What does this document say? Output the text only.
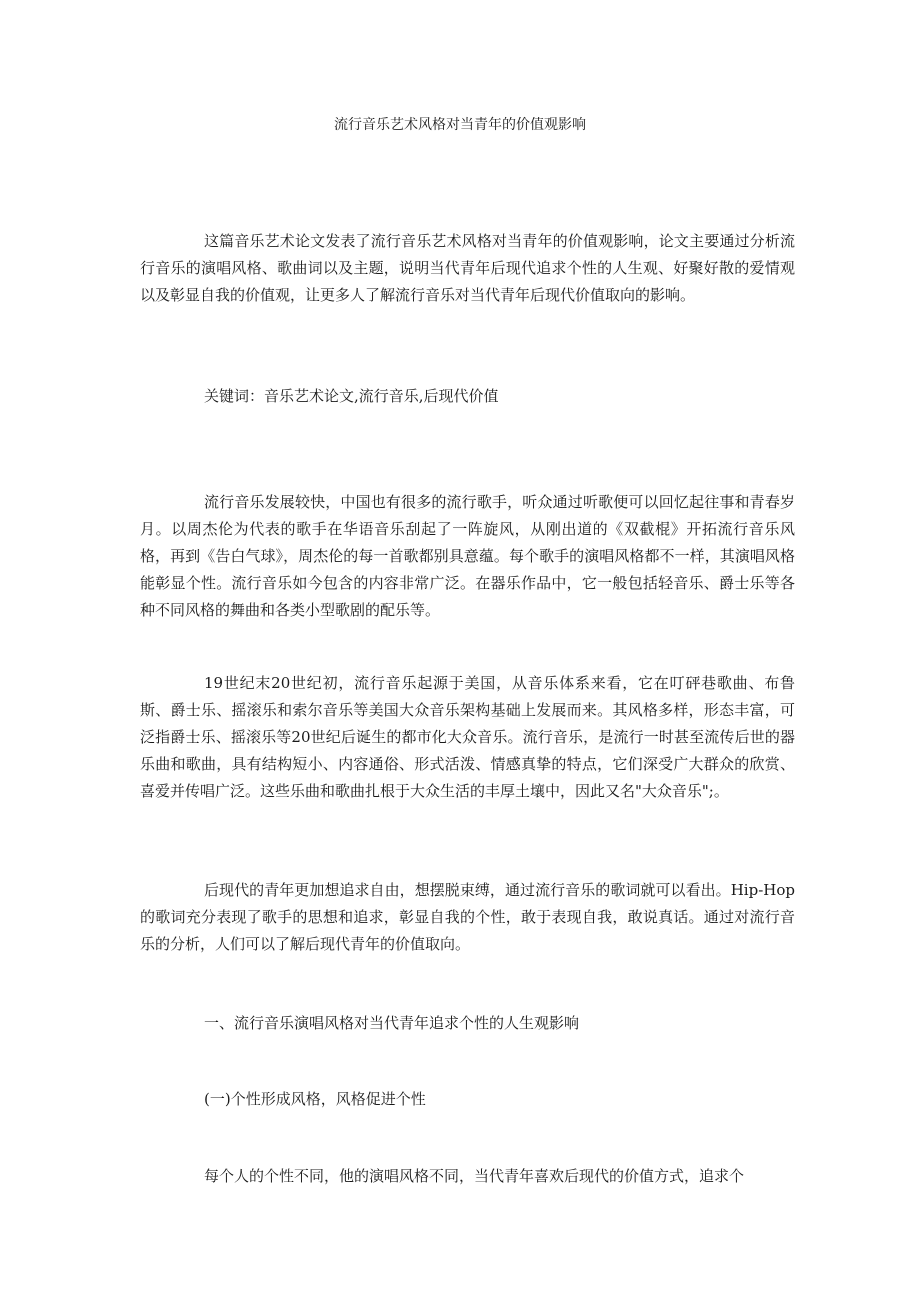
流行音乐艺术风格对当青年的价值观影响

这篇音乐艺术论文发表了流行音乐艺术风格对当青年的价值观影响，论文主要通过分析流行音乐的演唱风格、歌曲词以及主题，说明当代青年后现代追求个性的人生观、好聚好散的爱情观以及彰显自我的价值观，让更多人了解流行音乐对当代青年后现代价值取向的影响。

关键词：音乐艺术论文,流行音乐,后现代价值

流行音乐发展较快，中国也有很多的流行歌手，听众通过听歌便可以回忆起往事和青春岁月。以周杰伦为代表的歌手在华语音乐刮起了一阵旋风，从刚出道的《双截棍》开拓流行音乐风格，再到《告白气球》，周杰伦的每一首歌都别具意蕴。每个歌手的演唱风格都不一样，其演唱风格能彰显个性。流行音乐如今包含的内容非常广泛。在器乐作品中，它一般包括轻音乐、爵士乐等各种不同风格的舞曲和各类小型歌剧的配乐等。

19世纪末20世纪初，流行音乐起源于美国，从音乐体系来看，它在叮砰巷歌曲、布鲁斯、爵士乐、摇滚乐和索尔音乐等美国大众音乐架构基础上发展而来。其风格多样，形态丰富，可泛指爵士乐、摇滚乐等20世纪后诞生的都市化大众音乐。流行音乐，是流行一时甚至流传后世的器乐曲和歌曲，具有结构短小、内容通俗、形式活泼、情感真挚的特点，它们深受广大群众的欣赏、喜爱并传唱广泛。这些乐曲和歌曲扎根于大众生活的丰厚土壤中，因此又名"大众音乐";。

后现代的青年更加想追求自由，想摆脱束缚，通过流行音乐的歌词就可以看出。Hip-Hop的歌词充分表现了歌手的思想和追求，彰显自我的个性，敢于表现自我，敢说真话。通过对流行音乐的分析，人们可以了解后现代青年的价值取向。

一、流行音乐演唱风格对当代青年追求个性的人生观影响

(一)个性形成风格，风格促进个性

每个人的个性不同，他的演唱风格不同，当代青年喜欢后现代的价值方式，追求个
